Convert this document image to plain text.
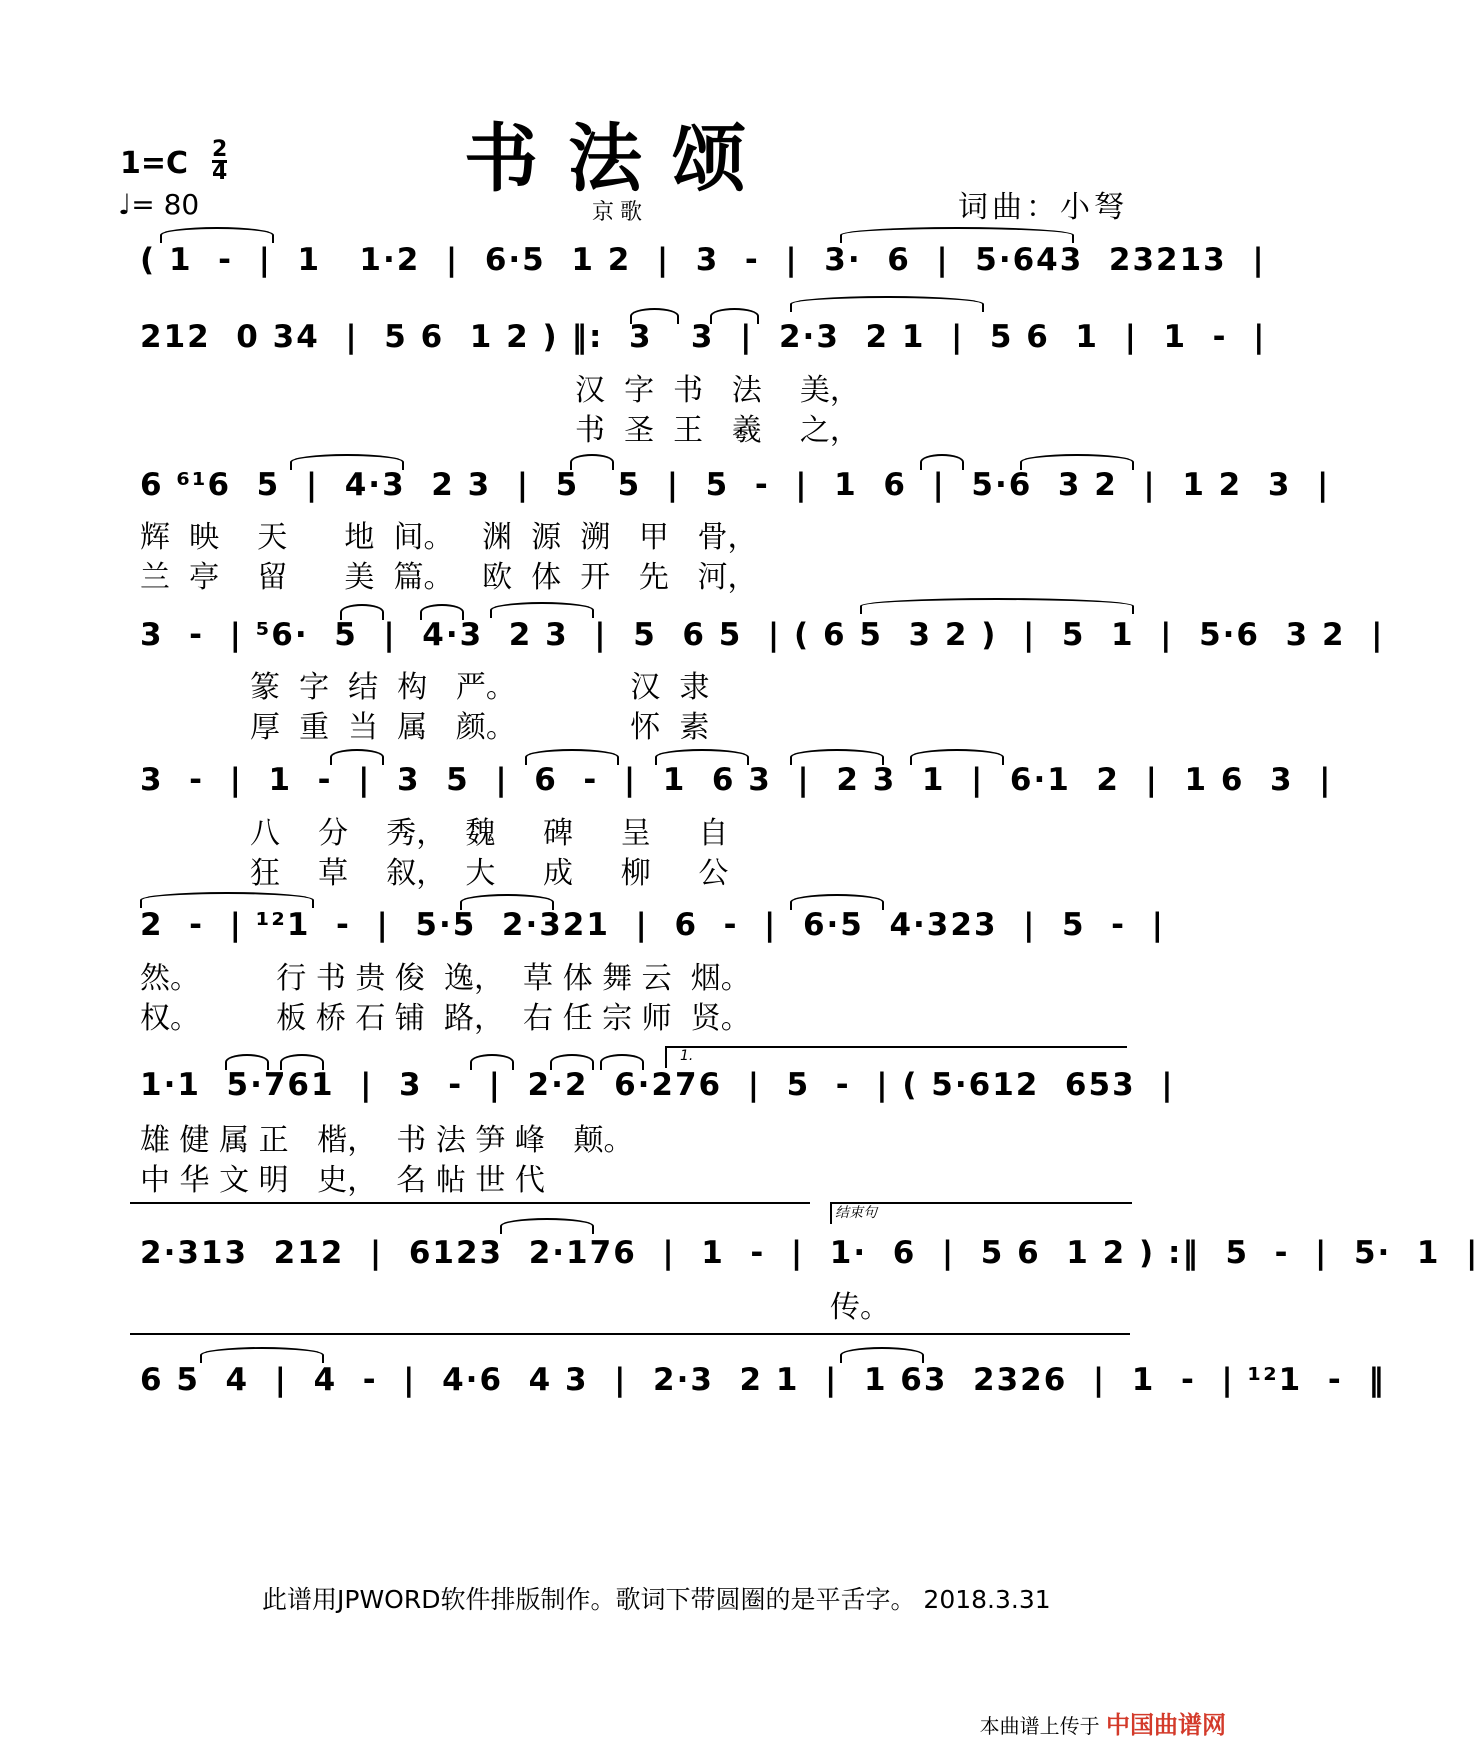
书法颂
京歌
1=C 2
4
♩= 80	词曲：小弩
( 1  -  |  1   1·2  |  6·5  1 2  |  3  -  |  3·  6  |  5·643  23213  |
212  0 34  |  5 6  1 2 ) ‖:  3   3  |  2·3  2 1  |  5 6  1  |  1  -  |
汉  字  书   法    美，
书  圣  王   羲    之，
6 ⁶¹6  5  |  4·3  2 3  |  5   5  |  5  -  |  1  6  |  5·6  3 2  |  1 2  3  |
辉  映    天      地  间。   渊  源  溯   甲   骨，
兰  亭    留      美  篇。   欧  体  开   先   河，
3  -  | ⁵6·  5  |  4·3  2 3  |  5  6 5  | ( 6 5  3 2 )  |  5  1  |  5·6  3 2  |
篆  字  结  构   严。            汉  隶
厚  重  当  属   颜。            怀  素
3  -  |  1  -  |  3  5  |  6  -  |  1  6 3  |  2 3  1  |  6·1  2  |  1 6  3  |
八    分    秀，  魏     碑     呈     自
狂    草    叙，  大     成     柳     公
2  -  | ¹²1  -  |  5·5  2·321  |  6  -  |  6·5  4·323  |  5  -  |
然。        行 书 贵 俊  逸，  草 体 舞 云  烟。
权。        板 桥 石 铺  路，  右 任 宗 师  贤。
1.
1·1  5·761  |  3  -  |  2·2  6·276  |  5  -  | ( 5·612  653  |
雄 健 属 正   楷，  书 法 笋 峰   颠。
中 华 文 明   史，  名 帖 世 代
结束句
2·313  212  |  6123  2·176  |  1  -  |  1·  6  |  5 6  1 2 ) :‖  5  -  |  5·  1  |
传。
6 5  4  |  4  -  |  4·6  4 3  |  2·3  2 1  |  1 63  2326  |  1  -  | ¹²1  -  ‖
此谱用JPWORD软件排版制作。歌词下带圆圈的是平舌字。 2018.3.31
本曲谱上传于 中国曲谱网
